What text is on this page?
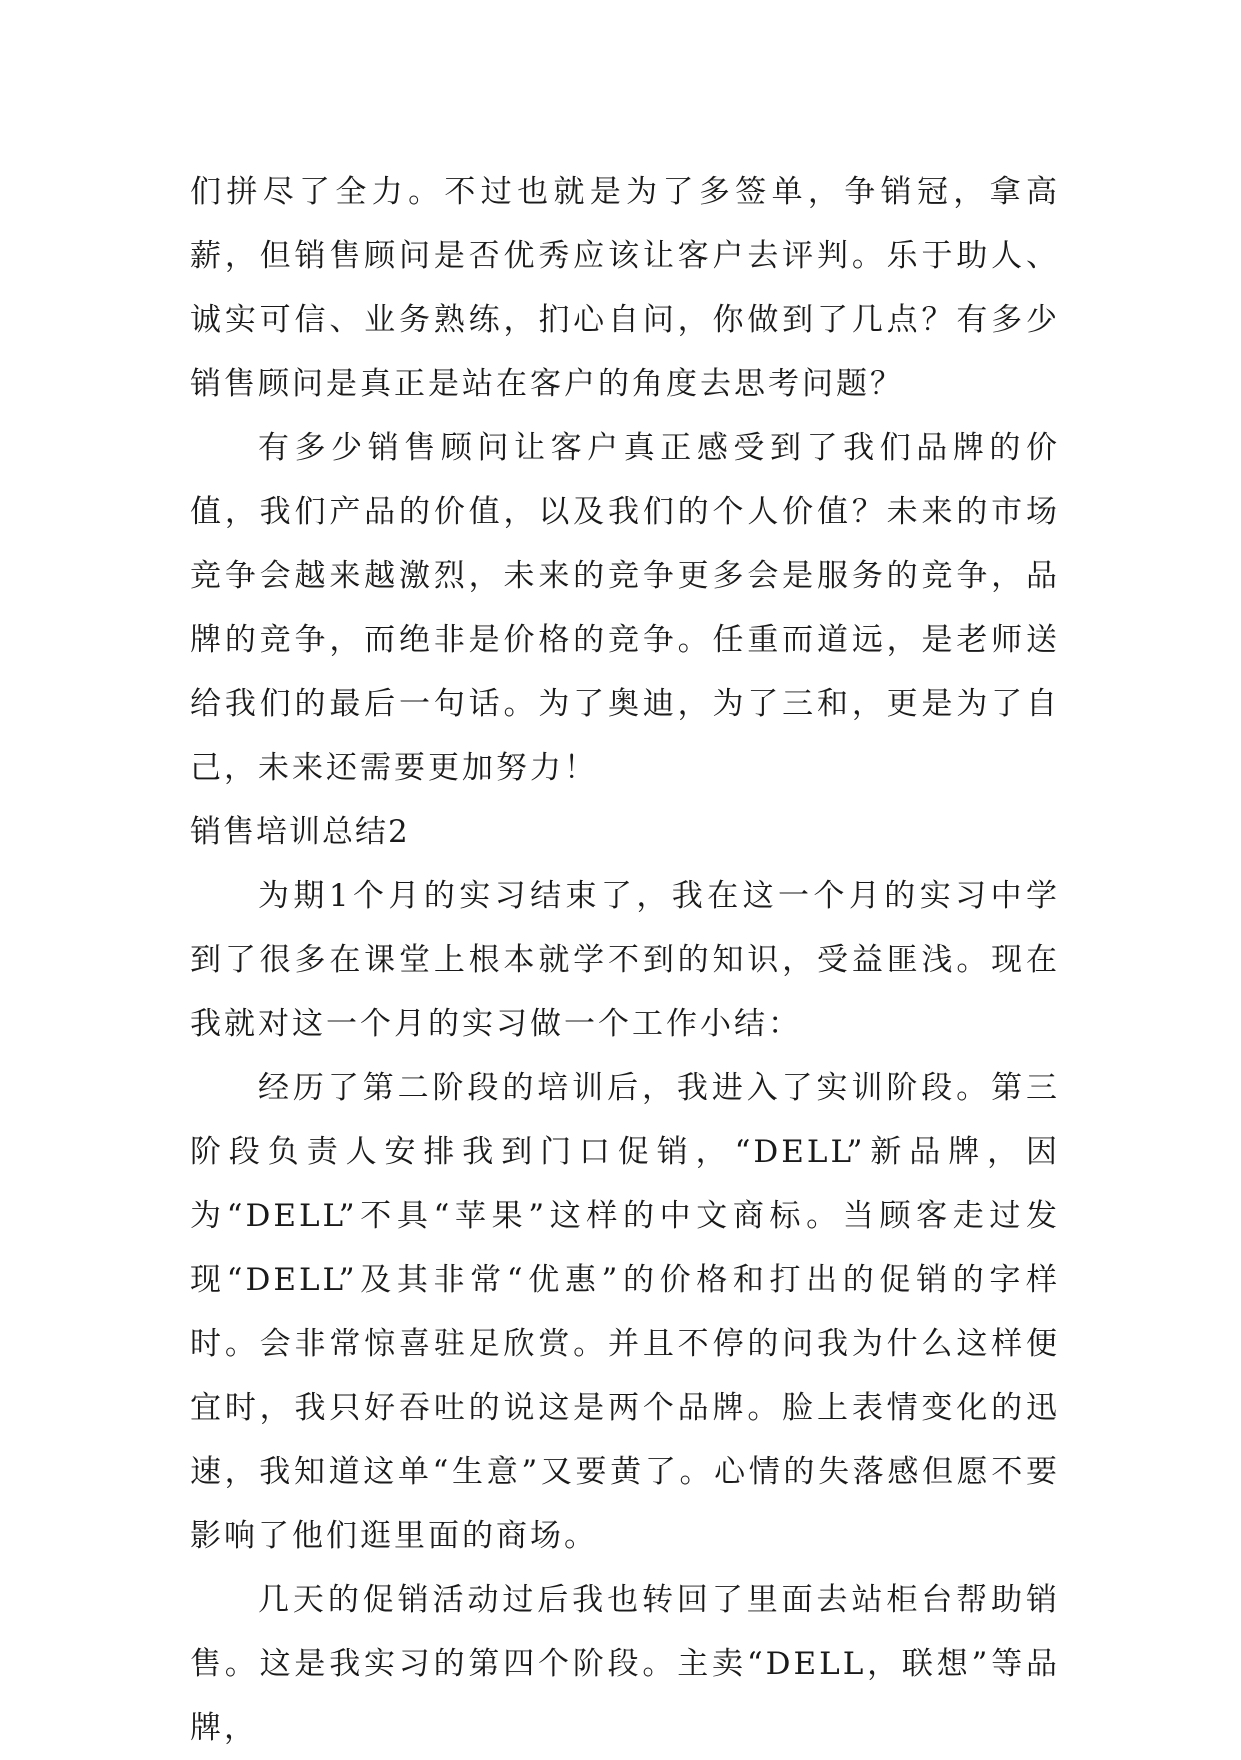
们拼尽了全力。不过也就是为了多签单，争销冠，拿高薪，但销售顾问是否优秀应该让客户去评判。乐于助人、诚实可信、业务熟练，扪心自问，你做到了几点？有多少销售顾问是真正是站在客户的角度去思考问题？

有多少销售顾问让客户真正感受到了我们品牌的价值，我们产品的价值，以及我们的个人价值？未来的市场竞争会越来越激烈，未来的竞争更多会是服务的竞争，品牌的竞争，而绝非是价格的竞争。任重而道远，是老师送给我们的最后一句话。为了奥迪，为了三和，更是为了自己，未来还需要更加努力！

销售培训总结2

为期1个月的实习结束了，我在这一个月的实习中学到了很多在课堂上根本就学不到的知识，受益匪浅。现在我就对这一个月的实习做一个工作小结：

经历了第二阶段的培训后，我进入了实训阶段。第三阶段负责人安排我到门口促销，“DELL”新品牌，因为“DELL”不具“苹果”这样的中文商标。当顾客走过发现“DELL”及其非常“优惠”的价格和打出的促销的字样时。会非常惊喜驻足欣赏。并且不停的问我为什么这样便宜时，我只好吞吐的说这是两个品牌。脸上表情变化的迅速，我知道这单“生意”又要黄了。心情的失落感但愿不要影响了他们逛里面的商场。

几天的促销活动过后我也转回了里面去站柜台帮助销售。这是我实习的第四个阶段。主卖“DELL，联想”等品牌，
